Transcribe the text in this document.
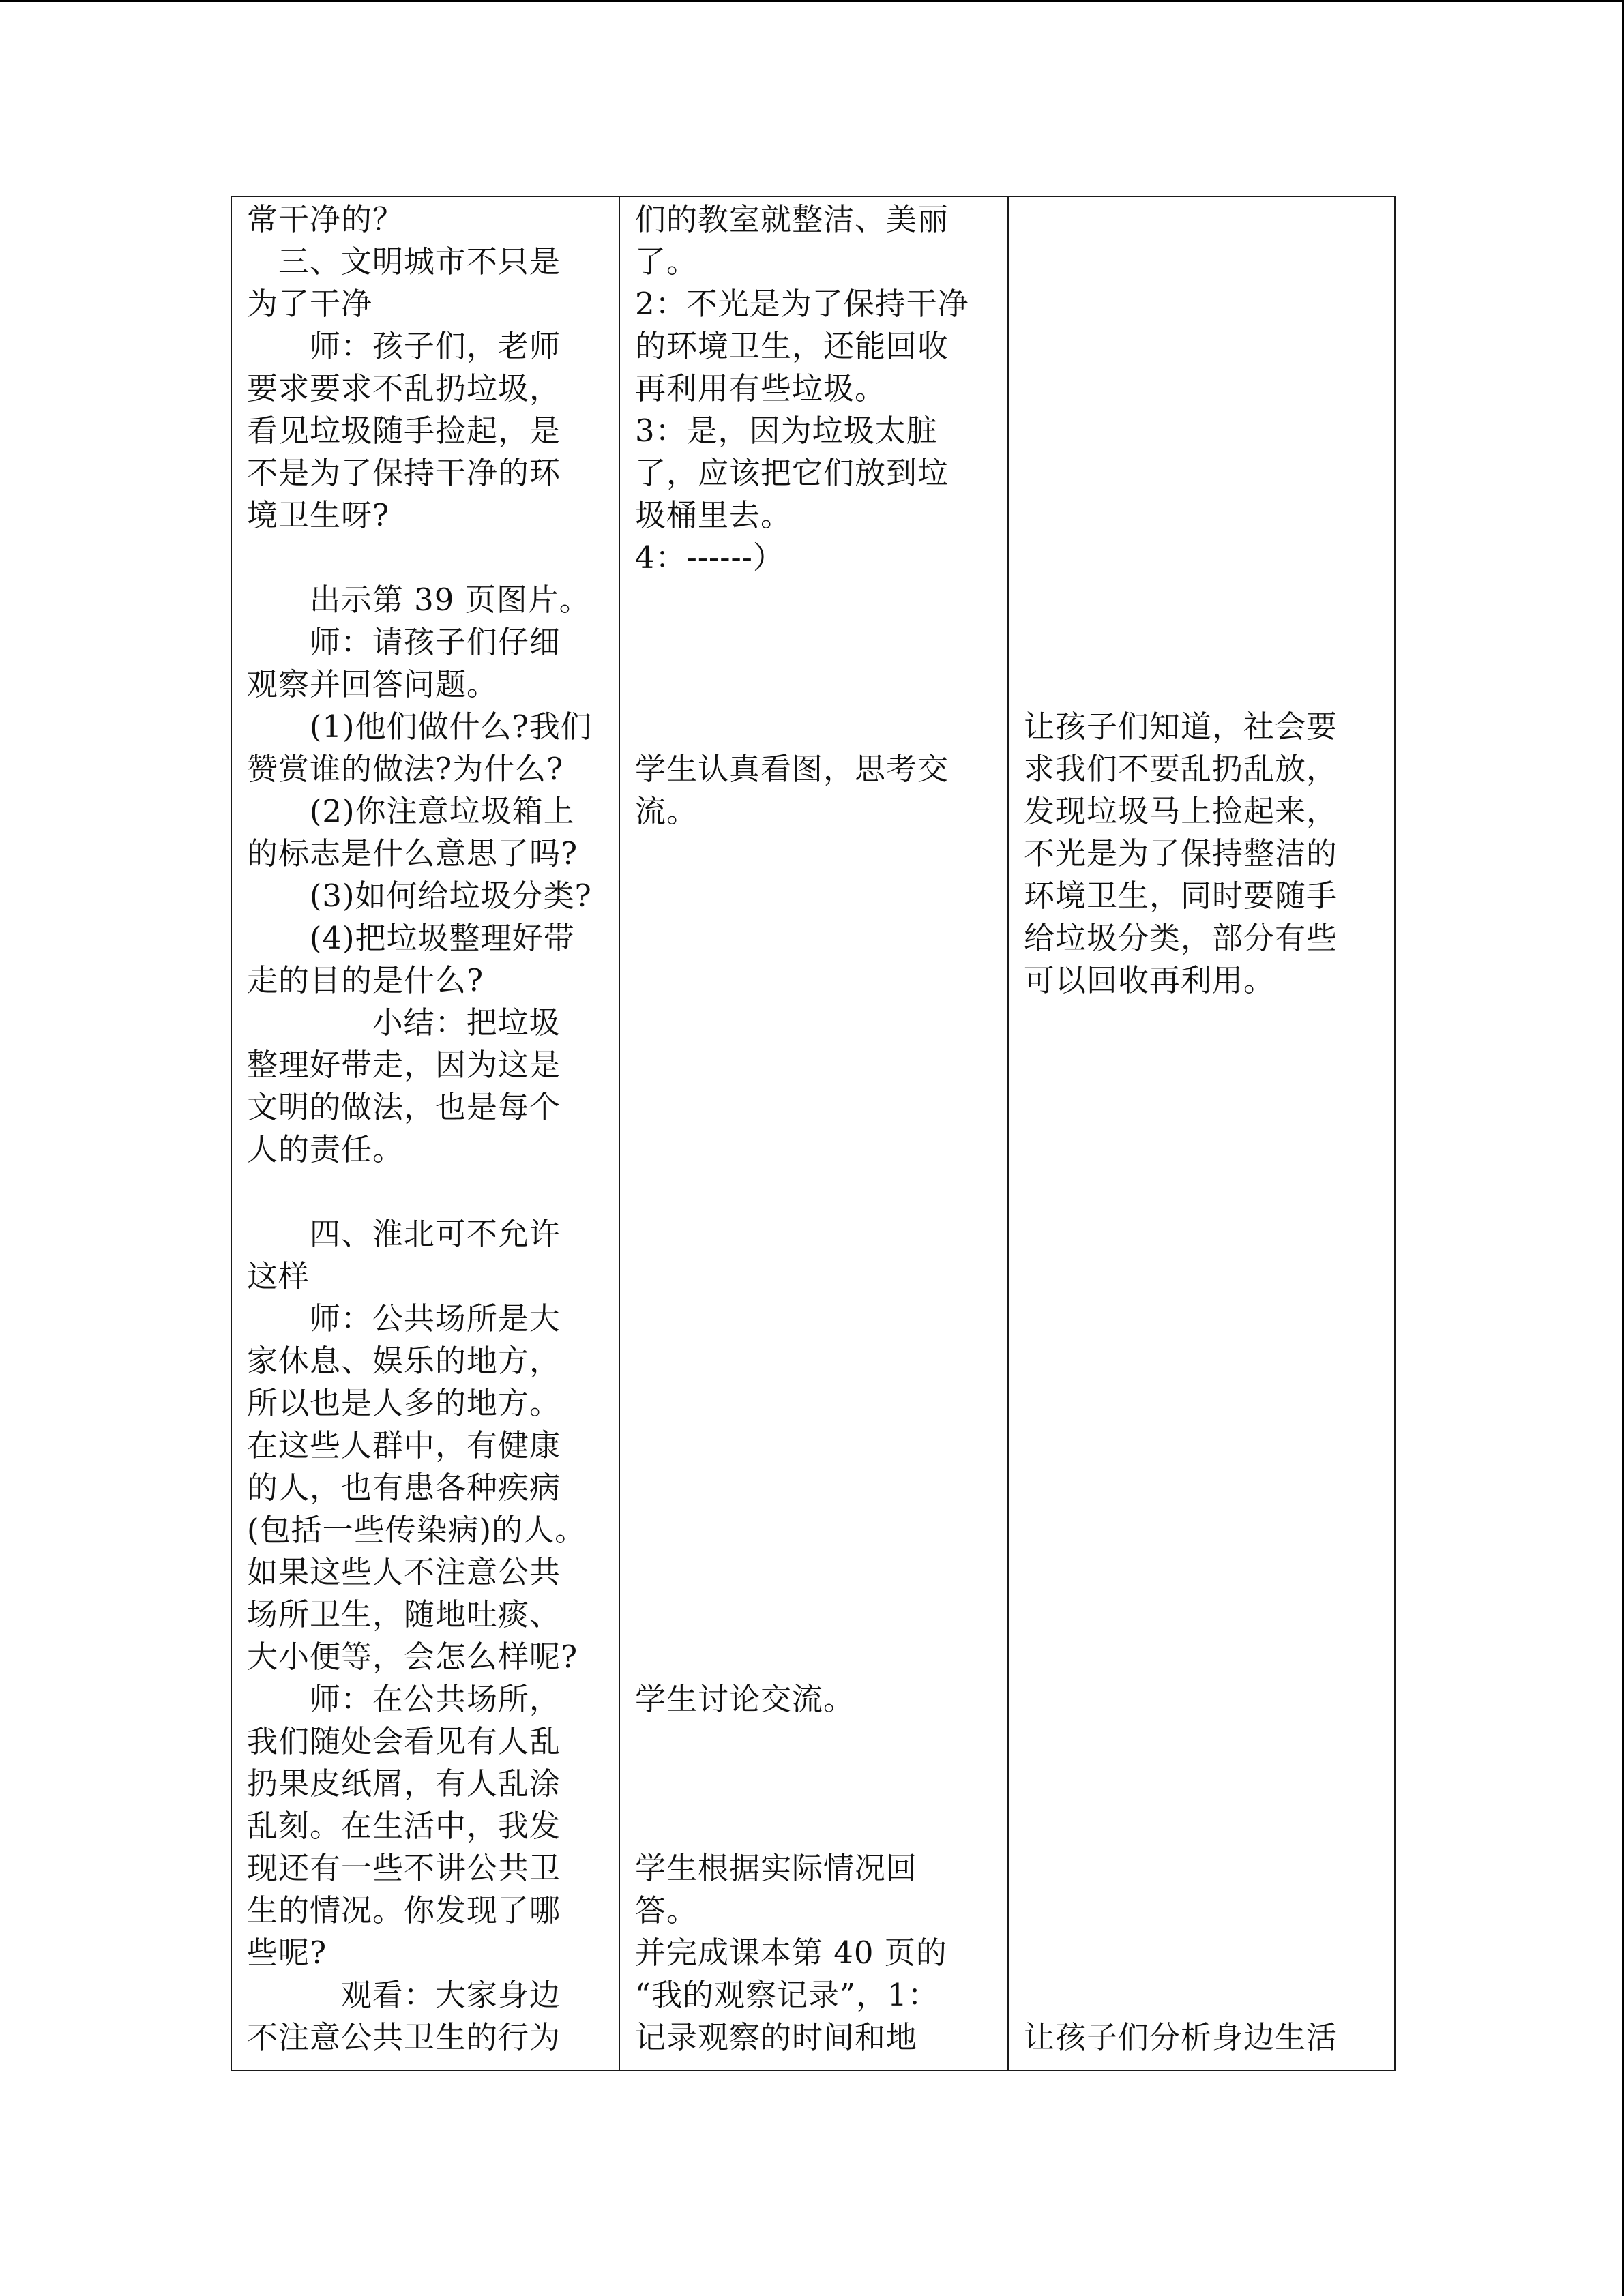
常干净的？
三、文明城市不只是
为了干净
师：孩子们，老师
要求要求不乱扔垃圾，
看见垃圾随手捡起，是
不是为了保持干净的环
境卫生呀?
出示第 39 页图片。
师：请孩子们仔细
观察并回答问题。
(1)他们做什么?我们
赞赏谁的做法?为什么?
(2)你注意垃圾箱上
的标志是什么意思了吗?
(3)如何给垃圾分类?
(4)把垃圾整理好带
走的目的是什么?
小结：把垃圾
整理好带走，因为这是
文明的做法，也是每个
人的责任。
四、淮北可不允许
这样
师：公共场所是大
家休息、娱乐的地方，
所以也是人多的地方。
在这些人群中，有健康
的人，也有患各种疾病
(包括一些传染病)的人。
如果这些人不注意公共
场所卫生，随地吐痰、
大小便等，会怎么样呢?
师：在公共场所，
我们随处会看见有人乱
扔果皮纸屑，有人乱涂
乱刻。在生活中，我发
现还有一些不讲公共卫
生的情况。你发现了哪
些呢?
观看：大家身边
不注意公共卫生的行为

们的教室就整洁、美丽
了。
2：不光是为了保持干净
的环境卫生，还能回收
再利用有些垃圾。
3：是，因为垃圾太脏
了，应该把它们放到垃
圾桶里去。
4：------）
学生认真看图，思考交
流。
学生讨论交流。
学生根据实际情况回
答。
并完成课本第 40 页的
“我的观察记录”，1：
记录观察的时间和地

让孩子们知道，社会要
求我们不要乱扔乱放，
发现垃圾马上捡起来，
不光是为了保持整洁的
环境卫生，同时要随手
给垃圾分类，部分有些
可以回收再利用。
让孩子们分析身边生活
